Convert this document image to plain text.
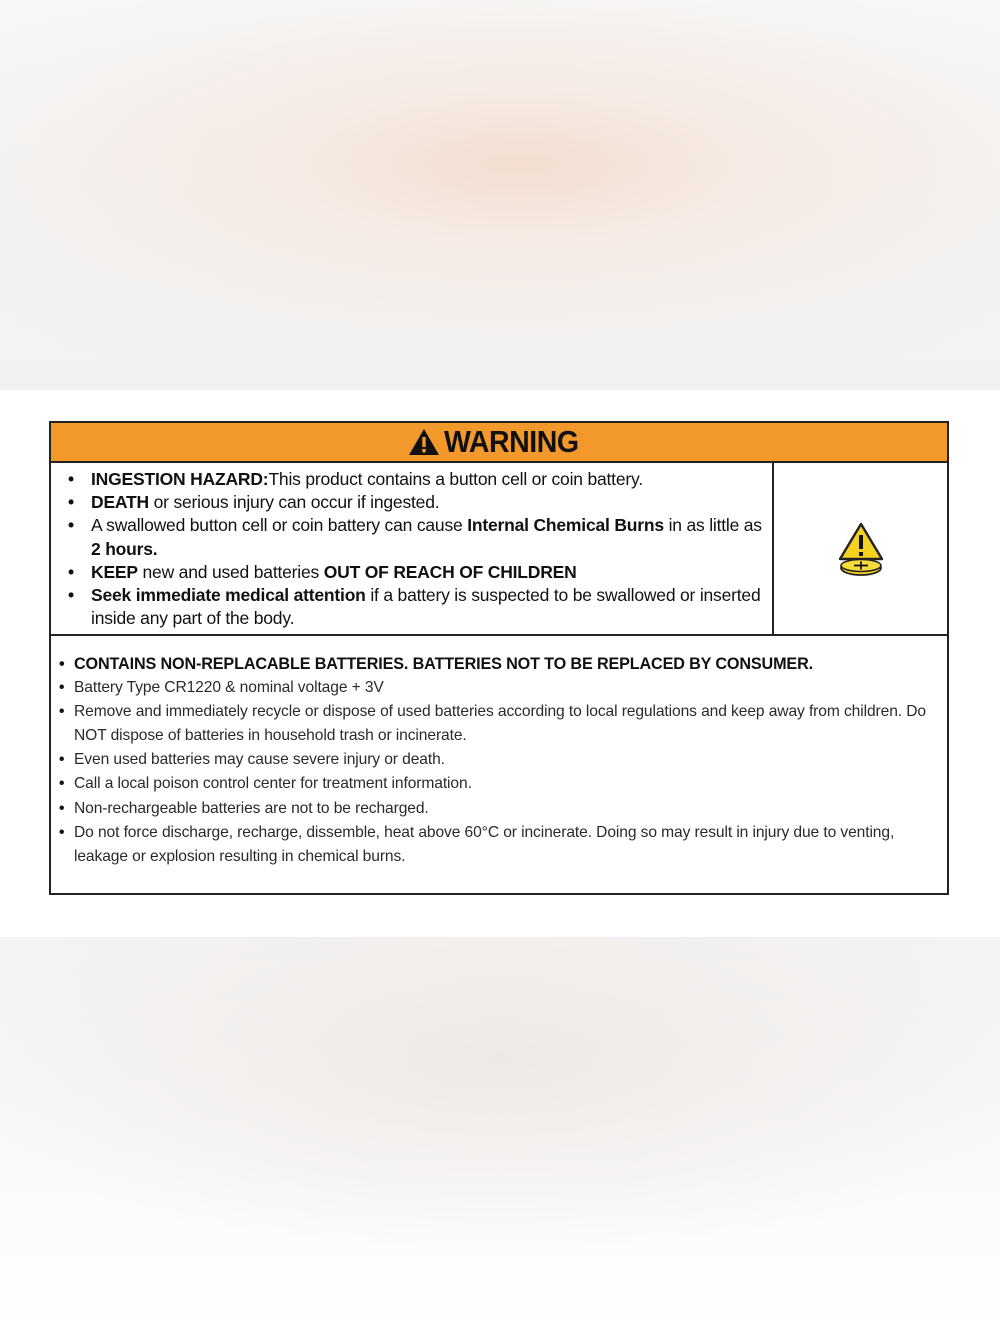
WARNING
• INGESTION HAZARD:This product contains a button cell or coin battery.
• DEATH or serious injury can occur if ingested.
• A swallowed button cell or coin battery can cause Internal Chemical Burns in as little as 2 hours.
• KEEP new and used batteries OUT OF REACH OF CHILDREN
• Seek immediate medical attention if a battery is suspected to be swallowed or inserted inside any part of the body.
• CONTAINS NON-REPLACABLE BATTERIES. BATTERIES NOT TO BE REPLACED BY CONSUMER.
• Battery Type CR1220 & nominal voltage + 3V
• Remove and immediately recycle or dispose of used batteries according to local regulations and keep away from children. Do NOT dispose of batteries in household trash or incinerate.
• Even used batteries may cause severe injury or death.
• Call a local poison control center for treatment information.
• Non-rechargeable batteries are not to be recharged.
• Do not force discharge, recharge, dissemble, heat above 60°C or incinerate. Doing so may result in injury due to venting, leakage or explosion resulting in chemical burns.
